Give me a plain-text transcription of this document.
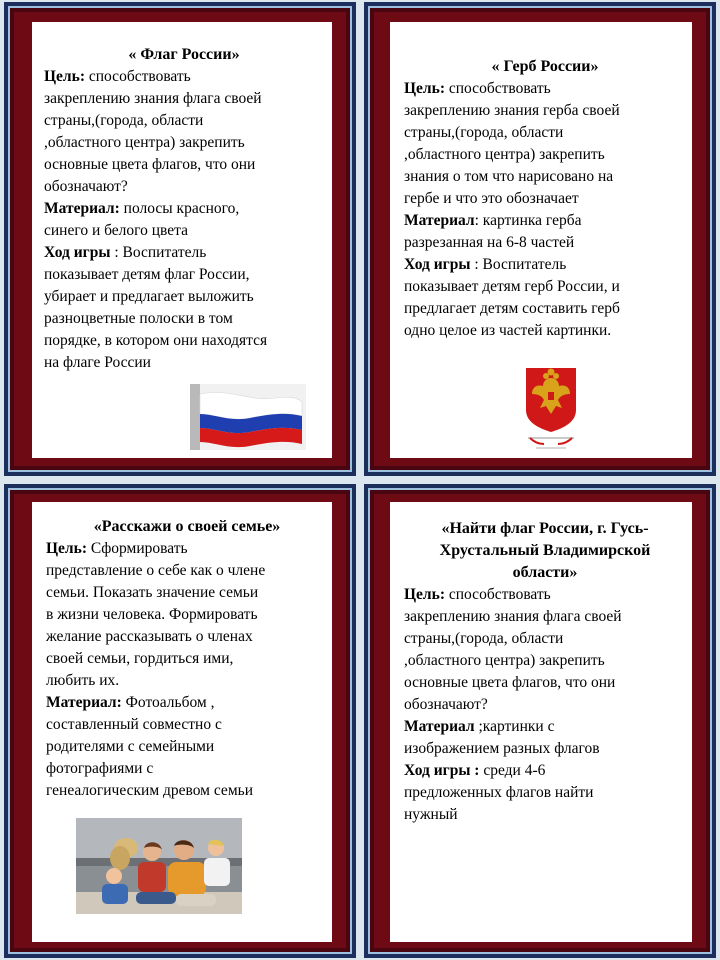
« Флаг России»
Цель: способствовать
закреплению знания флага своей
страны,(города, области
,областного центра) закрепить
основные цвета флагов, что они
обозначают?
Материал: полосы красного,
синего и белого цвета
Ход игры : Воспитатель
показывает детям флаг России,
убирает и предлагает выложить
разноцветные полоски в том
порядке, в котором они находятся
на флаге России
« Герб России»
Цель: способствовать
закреплению знания герба своей
страны,(города, области
,областного центра) закрепить
знания о том что нарисовано на
гербе и что это обозначает
Материал: картинка герба
разрезанная на 6-8 частей
Ход игры : Воспитатель
показывает детям герб России, и
предлагает детям составить герб
одно целое из частей картинки.
«Расскажи о своей семье»
Цель: Сформировать
представление о себе как о члене
семьи. Показать значение семьи
в жизни человека. Формировать
желание рассказывать о членах
своей семьи, гордиться ими,
любить их.
Материал: Фотоальбом ,
составленный совместно с
родителями с семейными
фотографиями с
генеалогическим древом семьи
«Найти флаг России, г. Гусь-
Хрустальный Владимирской
области»
Цель: способствовать
закреплению знания флага своей
страны,(города, области
,областного центра) закрепить
основные цвета флагов, что они
обозначают?
Материал ;картинки с
изображением разных флагов
Ход игры : среди 4-6
предложенных флагов найти
нужный
